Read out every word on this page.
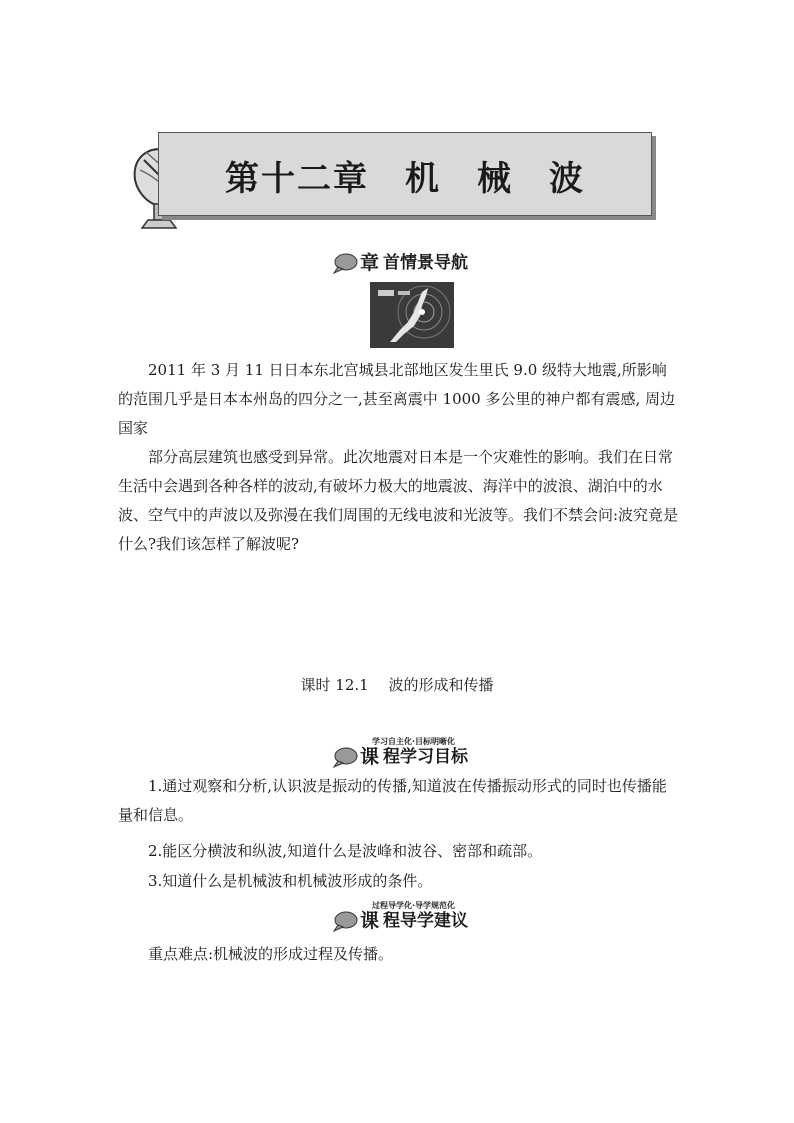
第十二章　机　械　波
章 首情景导航

2011 年 3 月 11 日日本东北宫城县北部地区发生里氏 9.0 级特大地震,所影响的范围几乎是日本本州岛的四分之一,甚至离震中 1000 多公里的神户都有震感, 周边国家

部分高层建筑也感受到异常。此次地震对日本是一个灾难性的影响。我们在日常生活中会遇到各种各样的波动,有破坏力极大的地震波、海洋中的波浪、湖泊中的水波、空气中的声波以及弥漫在我们周围的无线电波和光波等。我们不禁会问:波究竟是什么?我们该怎样了解波呢?

课时 12.1　 波的形成和传播
学习自主化·目标明晰化
课 程学习目标

1.通过观察和分析,认识波是振动的传播,知道波在传播振动形式的同时也传播能量和信息。

2.能区分横波和纵波,知道什么是波峰和波谷、密部和疏部。

3.知道什么是机械波和机械波形成的条件。

过程导学化·导学规范化
课 程导学建议

重点难点:机械波的形成过程及传播。
